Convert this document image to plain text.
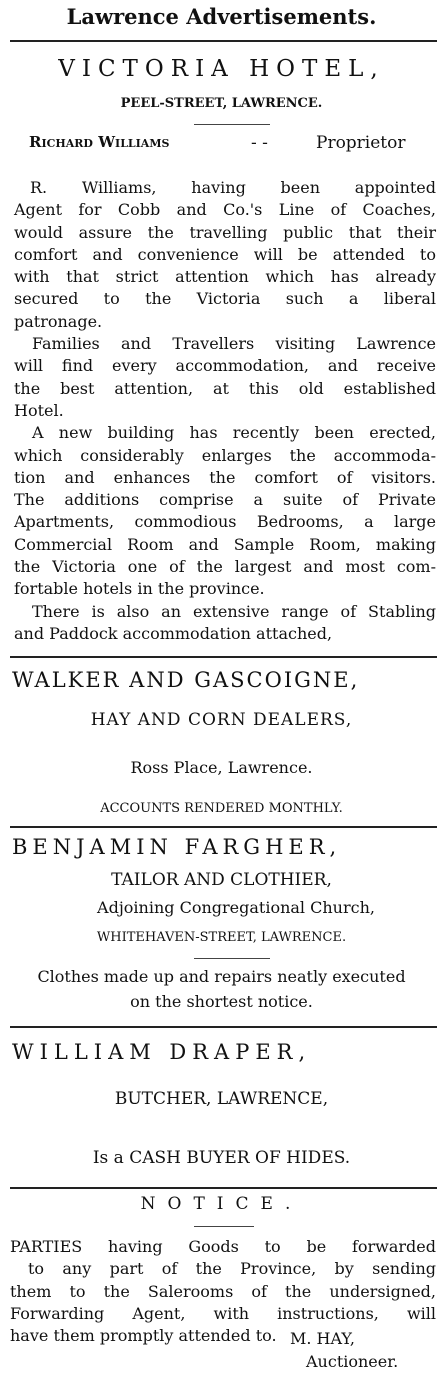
Lawrence Advertisements.
VICTORIA HOTEL,
PEEL-STREET, LAWRENCE.
Richard Williams	- -	Proprietor

R. Williams, having been appointed

Agent for Cobb and Co.'s Line of Coaches,

would assure the travelling public that their

comfort and convenience will be attended to

with that strict attention which has already

secured to the Victoria such a liberal

patronage.

Families and Travellers visiting Lawrence

will find every accommodation, and receive

the best attention, at this old established

Hotel.

A new building has recently been erected,

which considerably enlarges the accommoda-

tion and enhances the comfort of visitors.

The additions comprise a suite of Private

Apartments, commodious Bedrooms, a large

Commercial Room and Sample Room, making

the Victoria one of the largest and most com-

fortable hotels in the province.

There is also an extensive range of Stabling

and Paddock accommodation attached,

WALKER AND GASCOIGNE,
HAY AND CORN DEALERS,
Ross Place, Lawrence.
ACCOUNTS RENDERED MONTHLY.
BENJAMIN FARGHER,
TAILOR AND CLOTHIER,
Adjoining Congregational Church,
WHITEHAVEN-STREET, LAWRENCE.
Clothes made up and repairs neatly executed
on the shortest notice.
WILLIAM DRAPER,
BUTCHER, LAWRENCE,
Is a CASH BUYER OF HIDES.
NOTICE.

PARTIES having Goods to be forwarded

to any part of the Province, by sending

them to the Salerooms of the undersigned,

Forwarding Agent, with instructions, will

have them promptly attended to. M. HAY,
Auctioneer.
